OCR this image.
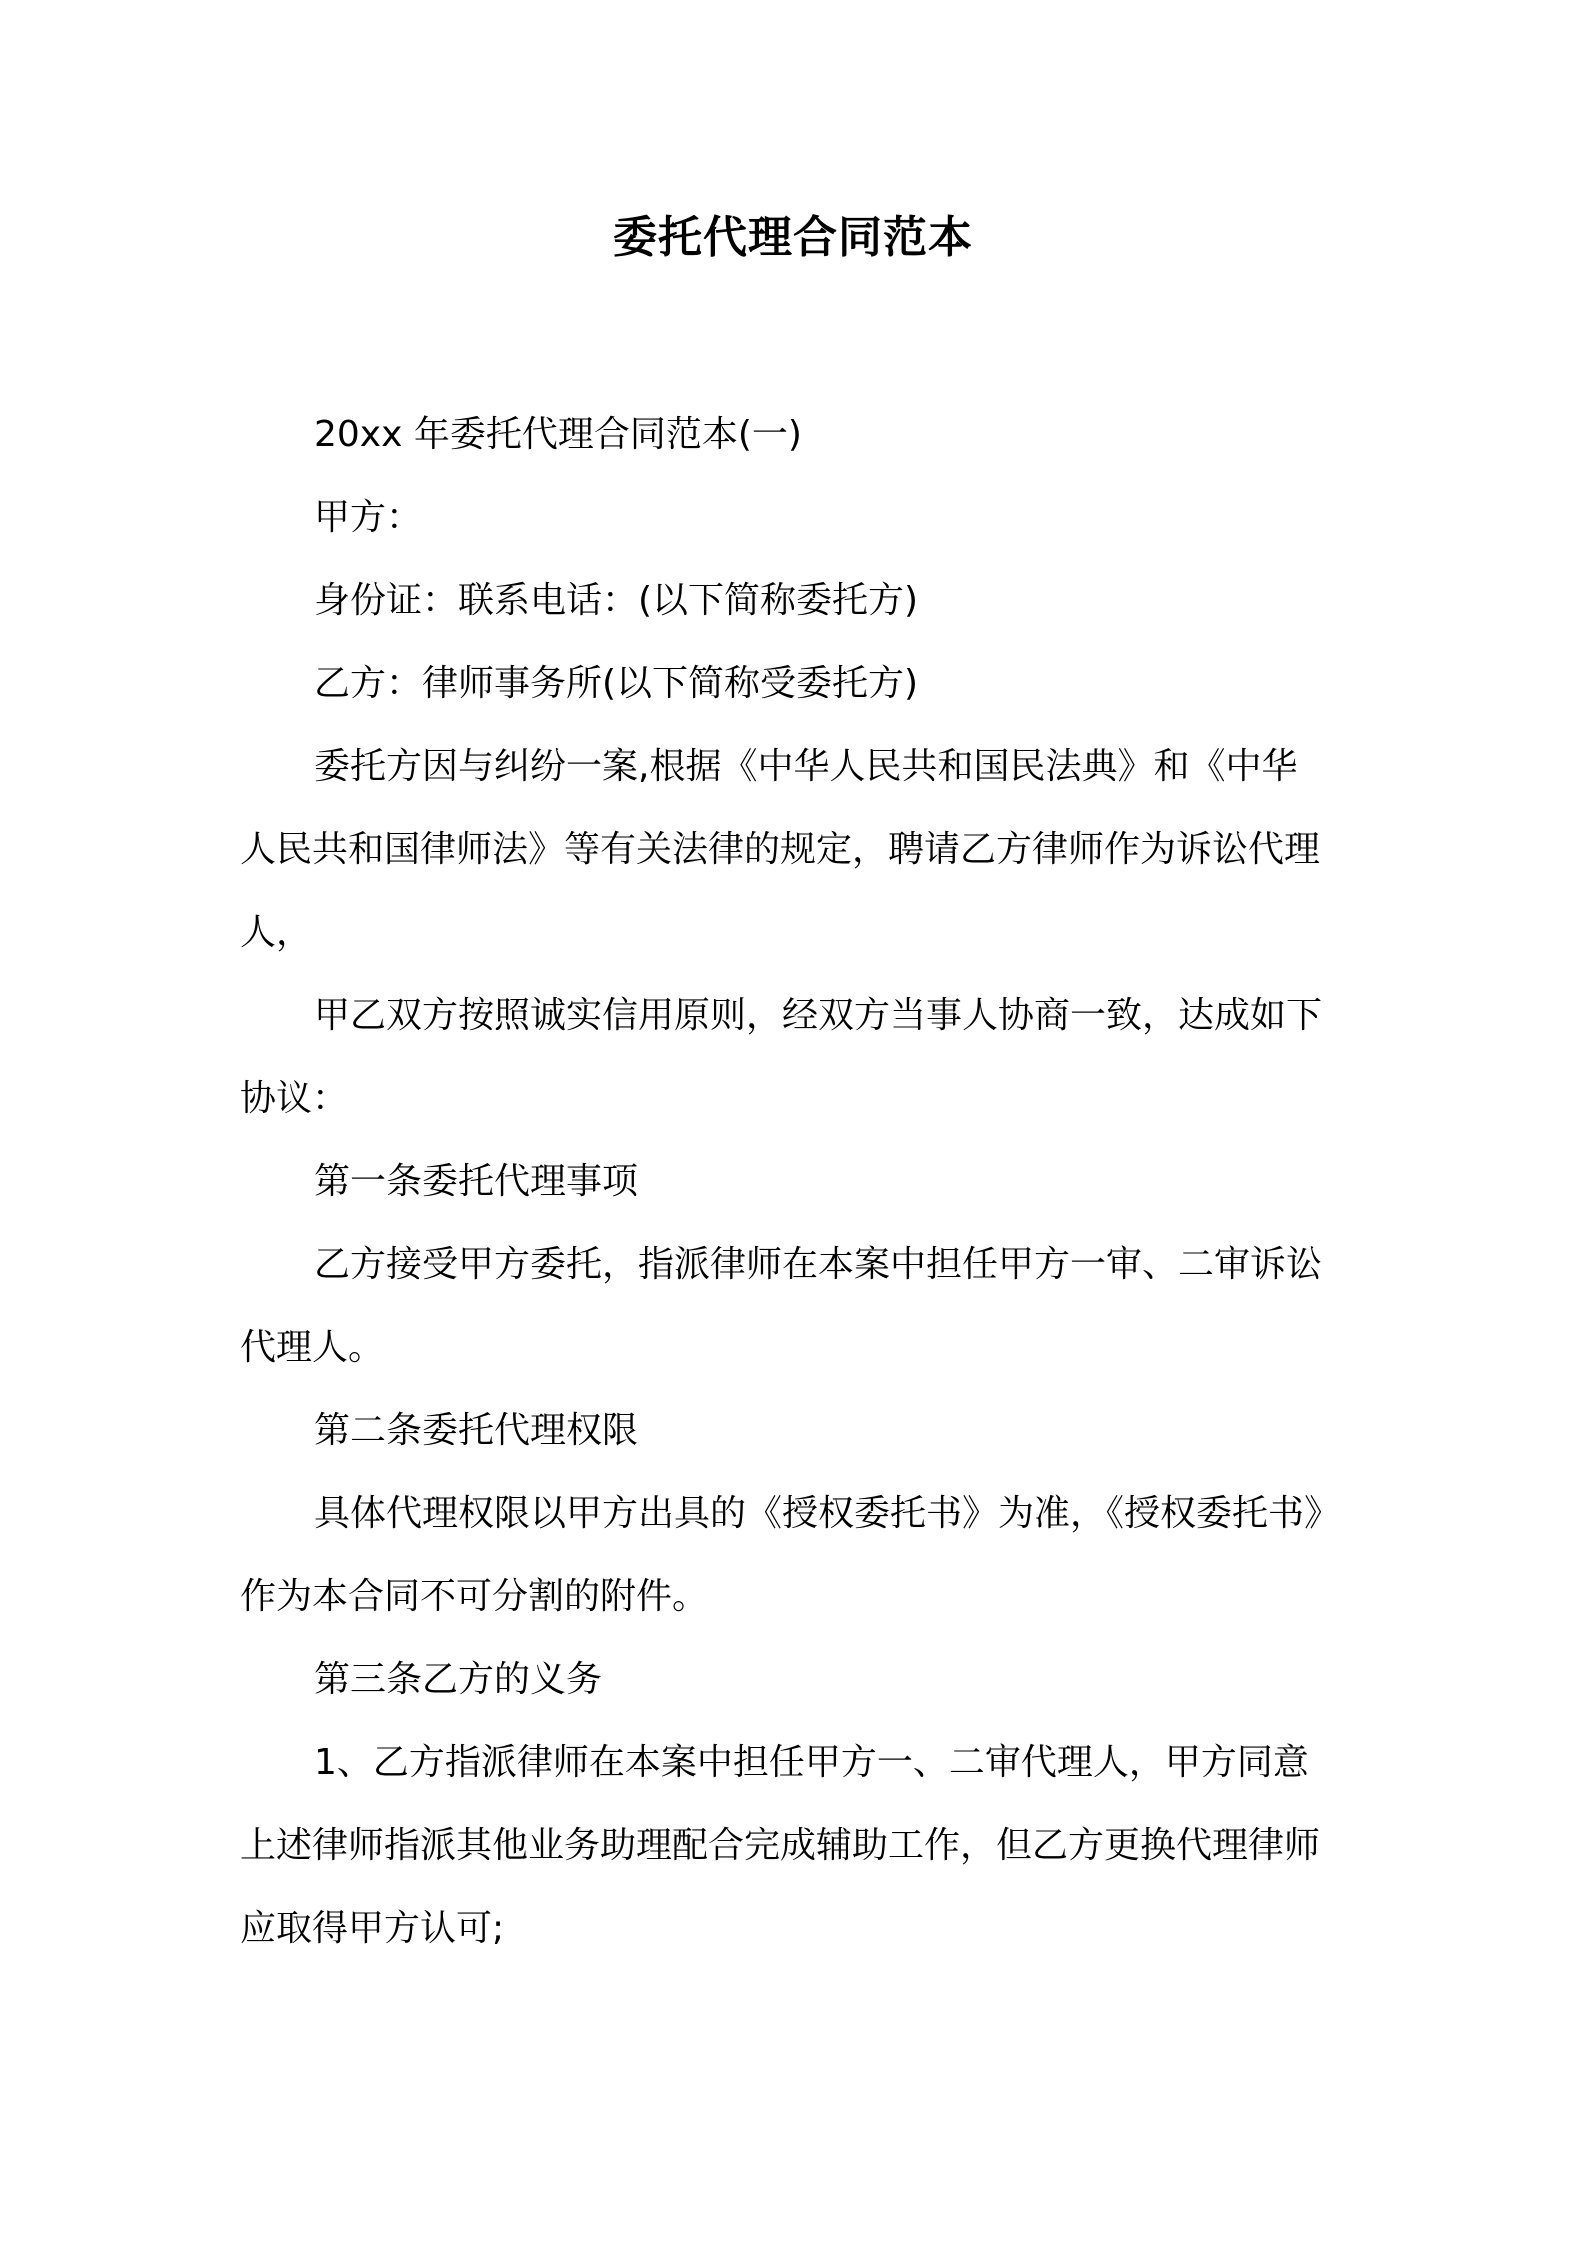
委托代理合同范本
20xx 年委托代理合同范本(一)
甲方：
身份证：联系电话：(以下简称委托方)
乙方：律师事务所(以下简称受委托方)
委托方因与纠纷一案,根据《中华人民共和国民法典》和《中华
人民共和国律师法》等有关法律的规定，聘请乙方律师作为诉讼代理
人，
甲乙双方按照诚实信用原则，经双方当事人协商一致，达成如下
协议：
第一条委托代理事项
乙方接受甲方委托，指派律师在本案中担任甲方一审、二审诉讼
代理人。
第二条委托代理权限
具体代理权限以甲方出具的《授权委托书》为准，《授权委托书》
作为本合同不可分割的附件。
第三条乙方的义务
1、乙方指派律师在本案中担任甲方一、二审代理人，甲方同意
上述律师指派其他业务助理配合完成辅助工作，但乙方更换代理律师
应取得甲方认可;
